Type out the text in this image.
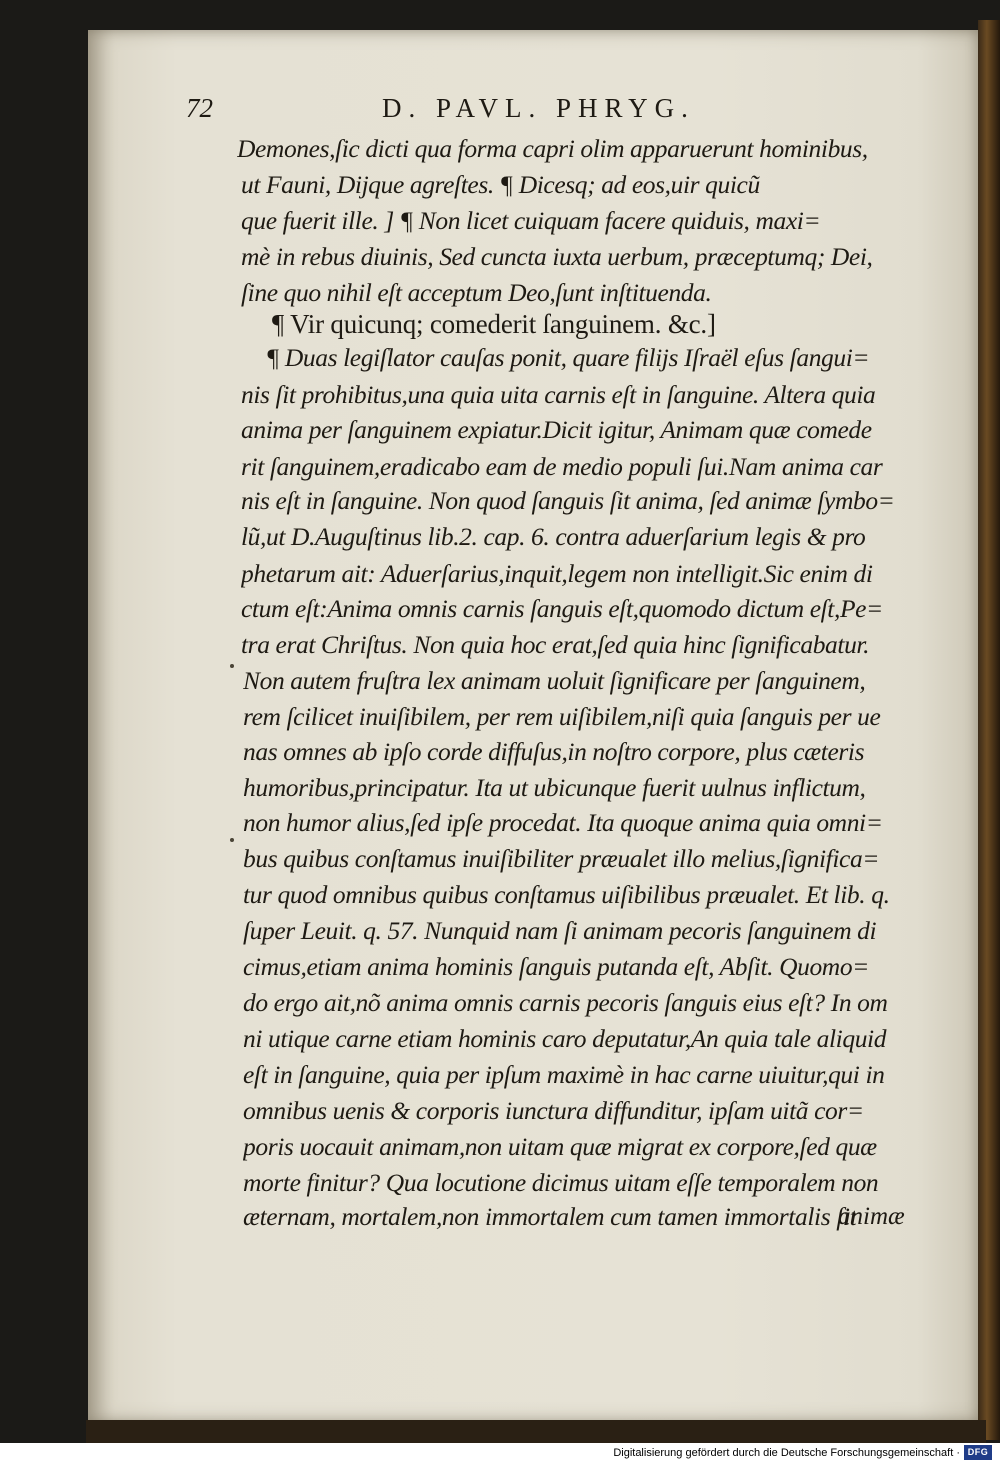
72	D. PAVL. PHRYG.
Demones,ſic dicti qua forma capri olim apparuerunt hominibus,
ut Fauni, Dijque agreſtes. ¶ Dicesq; ad eos,uir quicũ
que fuerit ille. ] ¶ Non licet cuiquam facere quiduis, maxi=
mè in rebus diuinis, Sed cuncta iuxta uerbum, præceptumq; Dei,
ſine quo nihil eſt acceptum Deo,ſunt inſtituenda.
¶ Vir quicunq; comederit ſanguinem. &c.]
¶ Duas legiſlator cauſas ponit, quare filijs Iſraël eſus ſangui=
nis ſit prohibitus,una quia uita carnis eſt in ſanguine. Altera quia
anima per ſanguinem expiatur.Dicit igitur, Animam quæ comede
rit ſanguinem,eradicabo eam de medio populi ſui.Nam anima car
nis eſt in ſanguine. Non quod ſanguis ſit anima, ſed animæ ſymbo=
lũ,ut D.Auguſtinus lib.2. cap. 6. contra aduerſarium legis & pro
phetarum ait: Aduerſarius,inquit,legem non intelligit.Sic enim di
ctum eſt:Anima omnis carnis ſanguis eſt,quomodo dictum eſt,Pe=
tra erat Chriſtus. Non quia hoc erat,ſed quia hinc ſignificabatur.
Non autem fruſtra lex animam uoluit ſignificare per ſanguinem,
rem ſcilicet inuiſibilem, per rem uiſibilem,niſi quia ſanguis per ue
nas omnes ab ipſo corde diffuſus,in noſtro corpore, plus cæteris
humoribus,principatur. Ita ut ubicunque fuerit uulnus inflictum,
non humor alius,ſed ipſe procedat. Ita quoque anima quia omni=
bus quibus conſtamus inuiſibiliter præualet illo melius,ſignifica=
tur quod omnibus quibus conſtamus uiſibilibus præualet. Et lib. q.
ſuper Leuit. q. 57. Nunquid nam ſi animam pecoris ſanguinem di
cimus,etiam anima hominis ſanguis putanda eſt, Abſit. Quomo=
do ergo ait,nõ anima omnis carnis pecoris ſanguis eius eſt? In om
ni utique carne etiam hominis caro deputatur,An quia tale aliquid
eſt in ſanguine, quia per ipſum maximè in hac carne uiuitur,qui in
omnibus uenis & corporis iunctura diffunditur, ipſam uitã cor=
poris uocauit animam,non uitam quæ migrat ex corpore,ſed quæ
morte finitur? Qua locutione dicimus uitam eſſe temporalem non
æternam, mortalem,non immortalem cum tamen immortalis ſit
animæ
Digitalisierung gefördert durch die Deutsche Forschungsgemeinschaft · DFG
